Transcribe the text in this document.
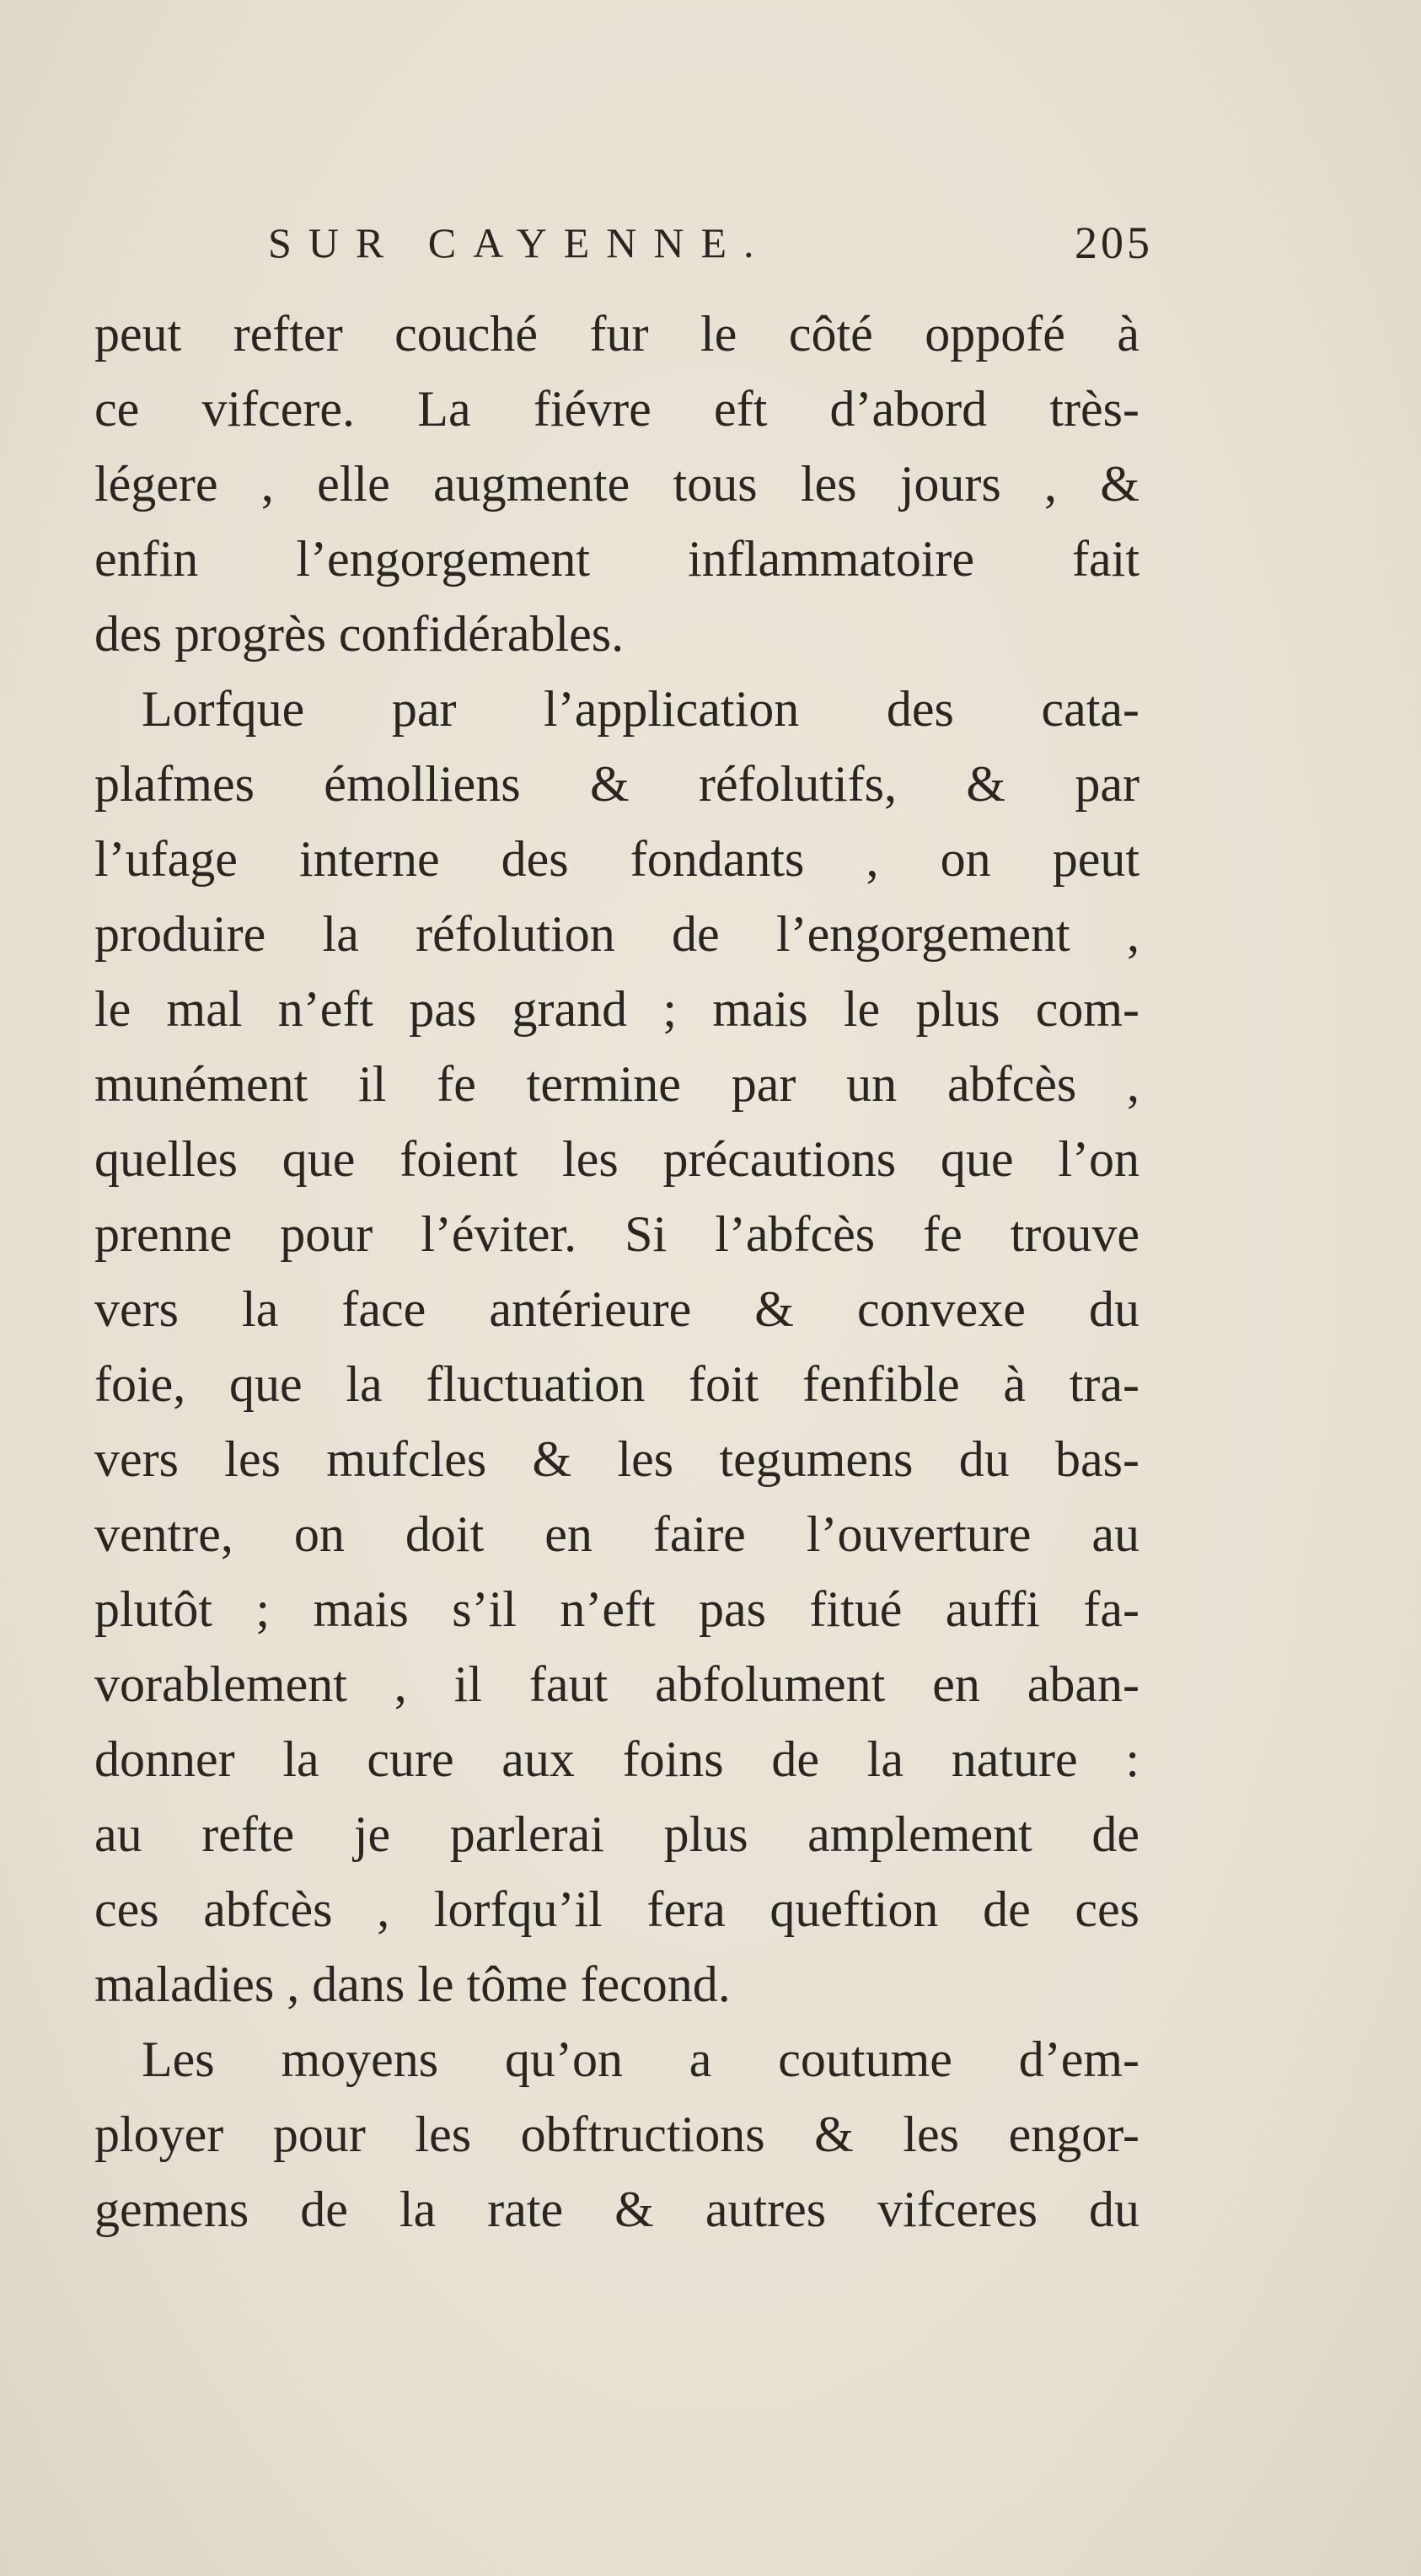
SUR CAYENNE.	205
peut refter couché fur le côté oppofé à
ce vifcere. La fiévre eft d’abord très-
légere , elle augmente tous les jours , &
enfin l’engorgement inflammatoire fait
des progrès confidérables.
Lorfque par l’application des cata-
plafmes émolliens & réfolutifs, & par
l’ufage interne des fondants , on peut
produire la réfolution de l’engorgement ,
le mal n’eft pas grand ; mais le plus com-
munément il fe termine par un abfcès ,
quelles que foient les précautions que l’on
prenne pour l’éviter. Si l’abfcès fe trouve
vers la face antérieure & convexe du
foie, que la fluctuation foit fenfible à tra-
vers les mufcles & les tegumens du bas-
ventre, on doit en faire l’ouverture au
plutôt ; mais s’il n’eft pas fitué auffi fa-
vorablement , il faut abfolument en aban-
donner la cure aux foins de la nature :
au refte je parlerai plus amplement de
ces abfcès , lorfqu’il fera queftion de ces
maladies , dans le tôme fecond.
Les moyens qu’on a coutume d’em-
ployer pour les obftructions & les engor-
gemens de la rate & autres vifceres du
